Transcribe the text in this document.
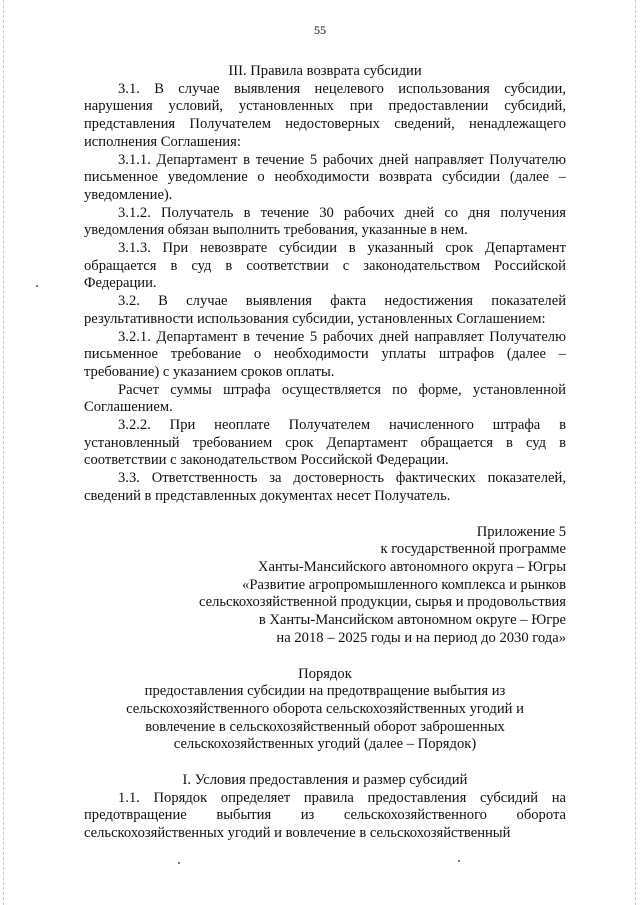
55

III. Правила возврата субсидии

3.1. В случае выявления нецелевого использования субсидии, нарушения условий, установленных при предоставлении субсидий, представления Получателем недостоверных сведений, ненадлежащего исполнения Соглашения:

3.1.1. Департамент в течение 5 рабочих дней направляет Получателю письменное уведомление о необходимости возврата субсидии (далее – уведомление).

3.1.2. Получатель в течение 30 рабочих дней со дня получения уведомления обязан выполнить требования, указанные в нем.

3.1.3. При невозврате субсидии в указанный срок Департамент обращается в суд в соответствии с законодательством Российской Федерации.

3.2. В случае выявления факта недостижения показателей результативности использования субсидии, установленных Соглашением:

3.2.1. Департамент в течение 5 рабочих дней направляет Получателю письменное требование о необходимости уплаты штрафов (далее – требование) с указанием сроков оплаты.

Расчет суммы штрафа осуществляется по форме, установленной Соглашением.

3.2.2. При неоплате Получателем начисленного штрафа в установленный требованием срок Департамент обращается в суд в соответствии с законодательством Российской Федерации.

3.3. Ответственность за достоверность фактических показателей, сведений в представленных документах несет Получатель.

Приложение 5
к государственной программе
Ханты-Мансийского автономного округа – Югры
«Развитие агропромышленного комплекса и рынков
сельскохозяйственной продукции, сырья и продовольствия
в Ханты-Мансийском автономном округе – Югре
на 2018 – 2025 годы и на период до 2030 года»
Порядок
предоставления субсидии на предотвращение выбытия из
сельскохозяйственного оборота сельскохозяйственных угодий и
вовлечение в сельскохозяйственный оборот заброшенных
сельскохозяйственных угодий (далее – Порядок)

I. Условия предоставления и размер субсидий

1.1. Порядок определяет правила предоставления субсидий на предотвращение выбытия из сельскохозяйственного оборота сельскохозяйственных угодий и вовлечение в сельскохозяйственный
